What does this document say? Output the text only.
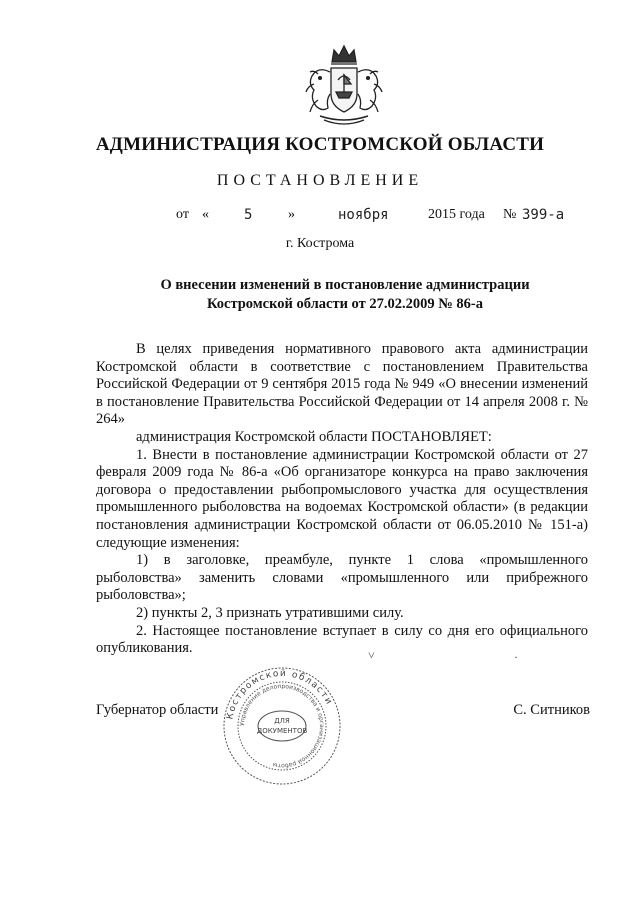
АДМИНИСТРАЦИЯ КОСТРОМСКОЙ ОБЛАСТИ
ПОСТАНОВЛЕНИЕ
от «	5	»	ноября	2015 года № 399-а
г. Кострома
О внесении изменений в постановление администрации
Костромской области от 27.02.2009 № 86-а

В целях приведения нормативного правового акта администрации Костромской области в соответствие с постановлением Правительства Российской Федерации от 9 сентября 2015 года № 949 «О внесении изменений в постановление Правительства Российской Федерации от 14 апреля 2008 г. № 264»

администрация Костромской области ПОСТАНОВЛЯЕТ:

1. Внести в постановление администрации Костромской области от 27 февраля 2009 года № 86-а «Об организаторе конкурса на право заключения договора о предоставлении рыбопромыслового участка для осуществления промышленного рыболовства на водоемах Костромской области» (в редакции постановления администрации Костромской области от 06.05.2010 № 151-а) следующие изменения:

1) в заголовке, преамбуле, пункте 1 слова «промышленного рыболовства» заменить словами «промышленного или прибрежного рыболовства»;

2) пункты 2, 3 признать утратившими силу.

2. Настоящее постановление вступает в силу со дня его официального опубликования.	˅	·
Губернатор области	С. Ситников
Костромской области
Управление делопроизводства и организационной работы
ДЛЯ
ДОКУМЕНТОВ
